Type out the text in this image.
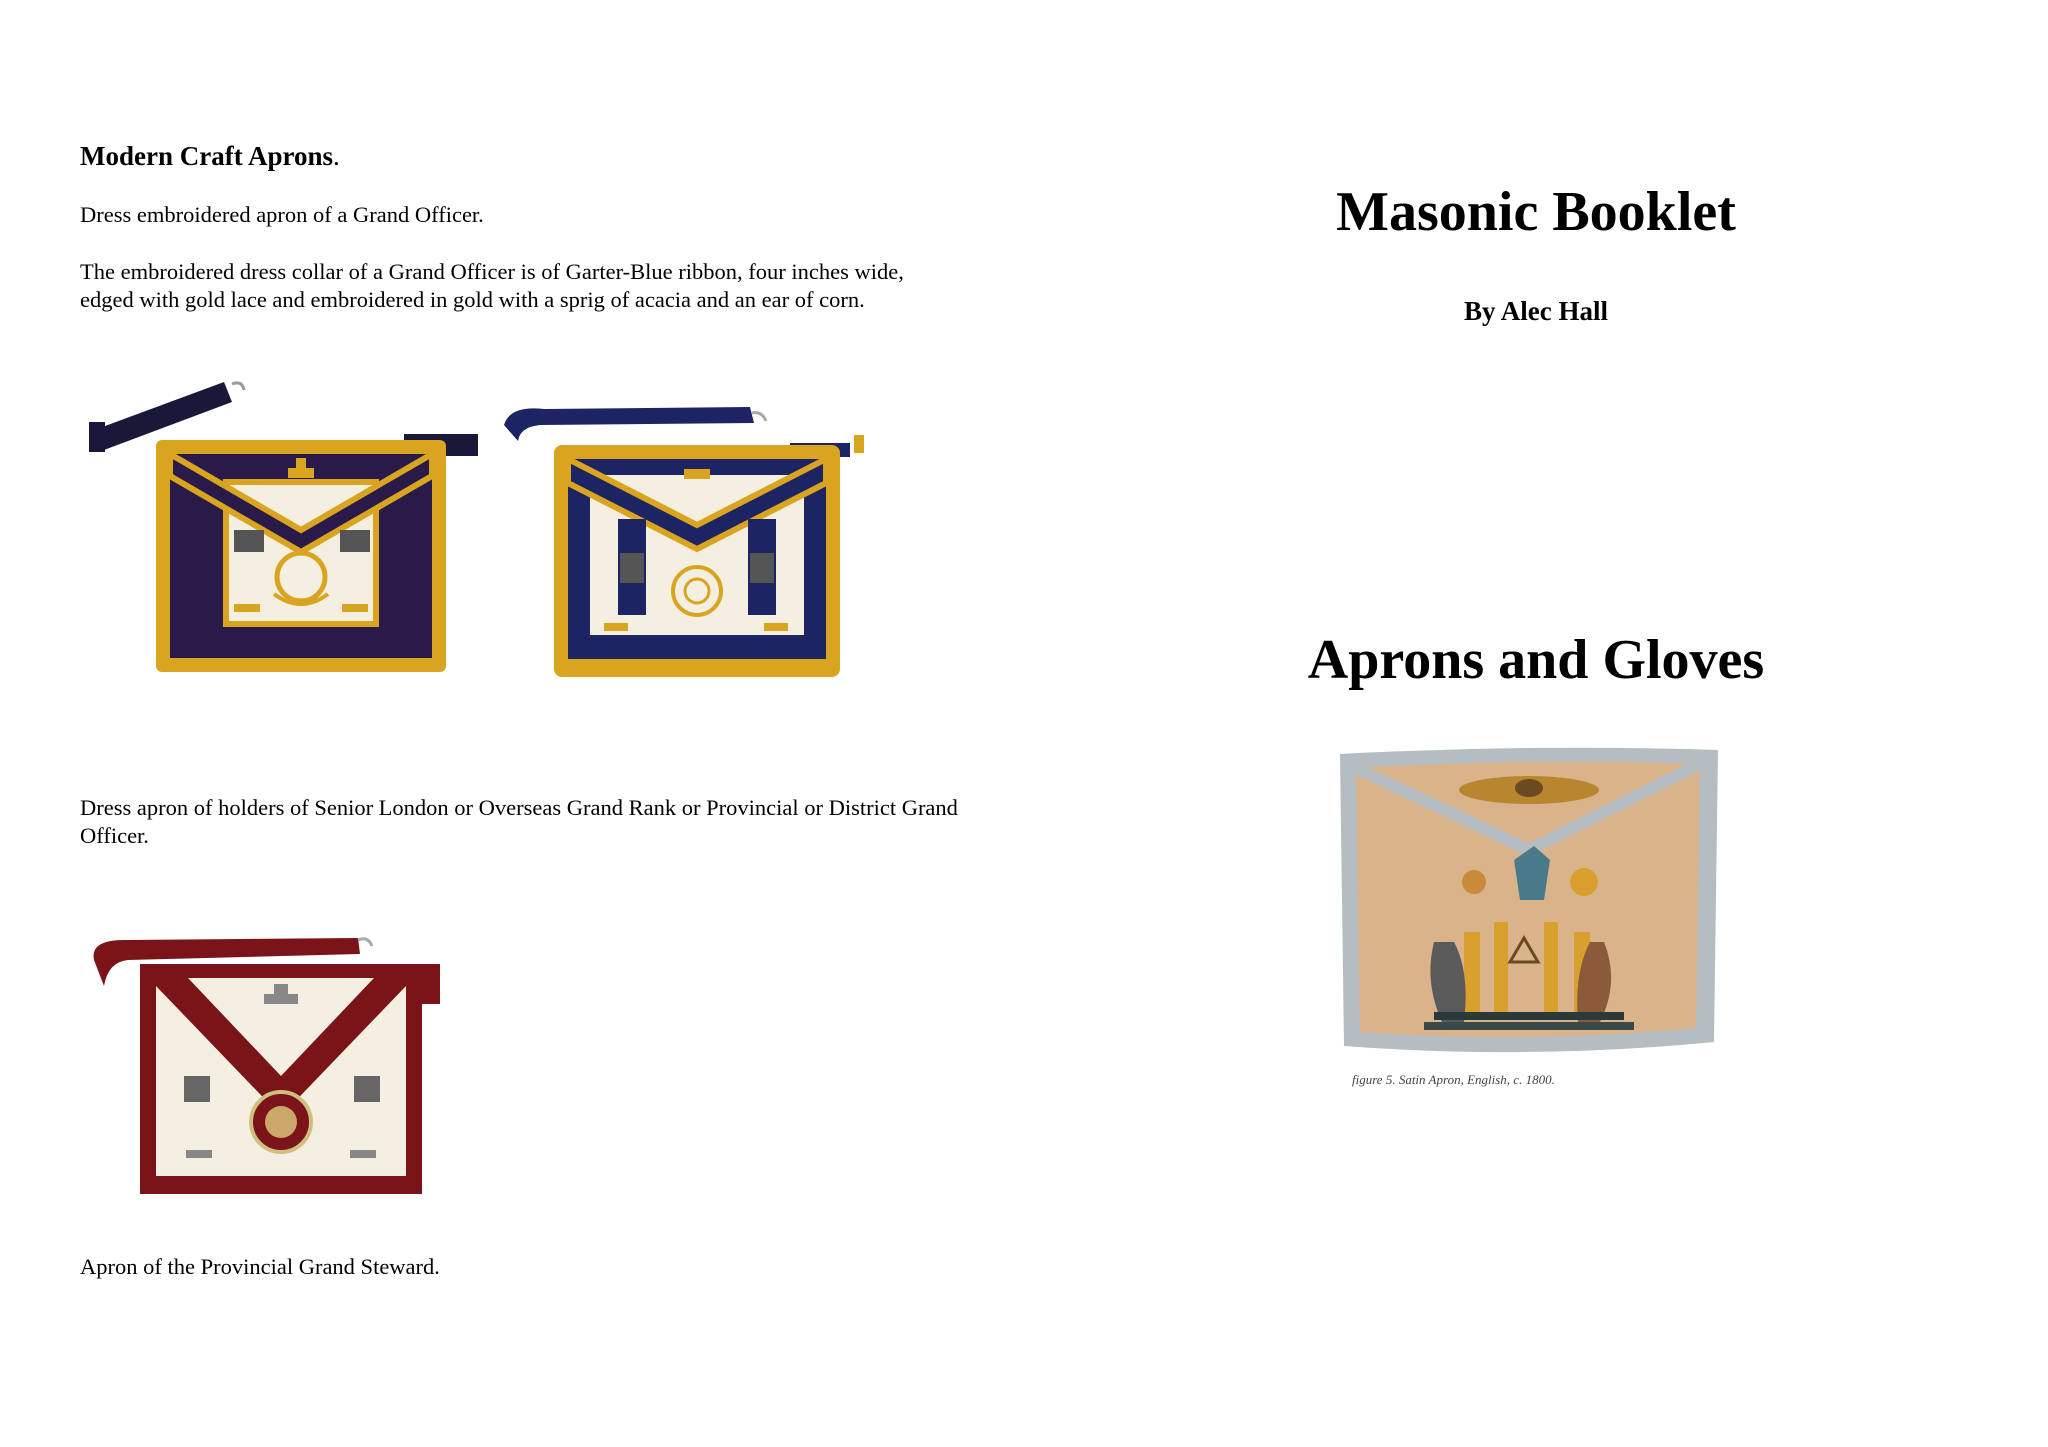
Modern Craft Aprons.
Dress embroidered apron of a Grand Officer.
The embroidered dress collar of a Grand Officer is of Garter-Blue ribbon, four inches wide, edged with gold lace and embroidered in gold with a sprig of acacia and an ear of corn.
Dress apron of holders of Senior London or Overseas Grand Rank or Provincial or District Grand Officer.
Apron of the Provincial Grand Steward.
Masonic Booklet
By Alec Hall
Aprons and Gloves
figure 5. Satin Apron, English, c. 1800.
